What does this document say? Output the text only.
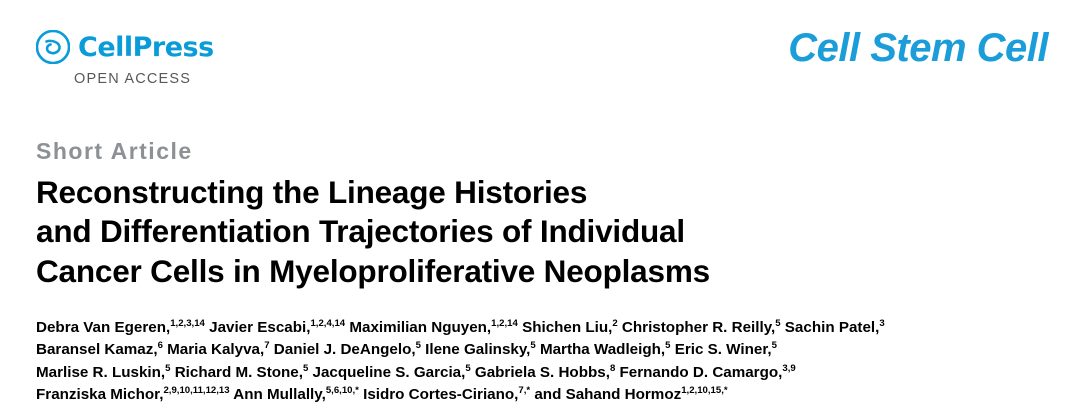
CellPress
OPEN ACCESS
Cell Stem Cell
Short Article
Reconstructing the Lineage Histories
and Differentiation Trajectories of Individual
Cancer Cells in Myeloproliferative Neoplasms
Debra Van Egeren,$^{1,2,3,14}$ Javier Escabi,$^{1,2,4,14}$ Maximilian Nguyen,$^{1,2,14}$ Shichen Liu,$^2$ Christopher R. Reilly,$^5$ Sachin Patel,$^3$
Baransel Kamaz,$^6$ Maria Kalyva,$^7$ Daniel J. DeAngelo,$^5$ Ilene Galinsky,$^5$ Martha Wadleigh,$^5$ Eric S. Winer,$^5$
Marlise R. Luskin,$^5$ Richard M. Stone,$^5$ Jacqueline S. Garcia,$^5$ Gabriela S. Hobbs,$^8$ Fernando D. Camargo,$^{3,9}$
Franziska Michor,$^{2,9,10,11,12,13}$ Ann Mullally,$^{5,6,10,*}$ Isidro Cortes-Ciriano,$^{7,*}$ and Sahand Hormoz$^{1,2,10,15,*}$
